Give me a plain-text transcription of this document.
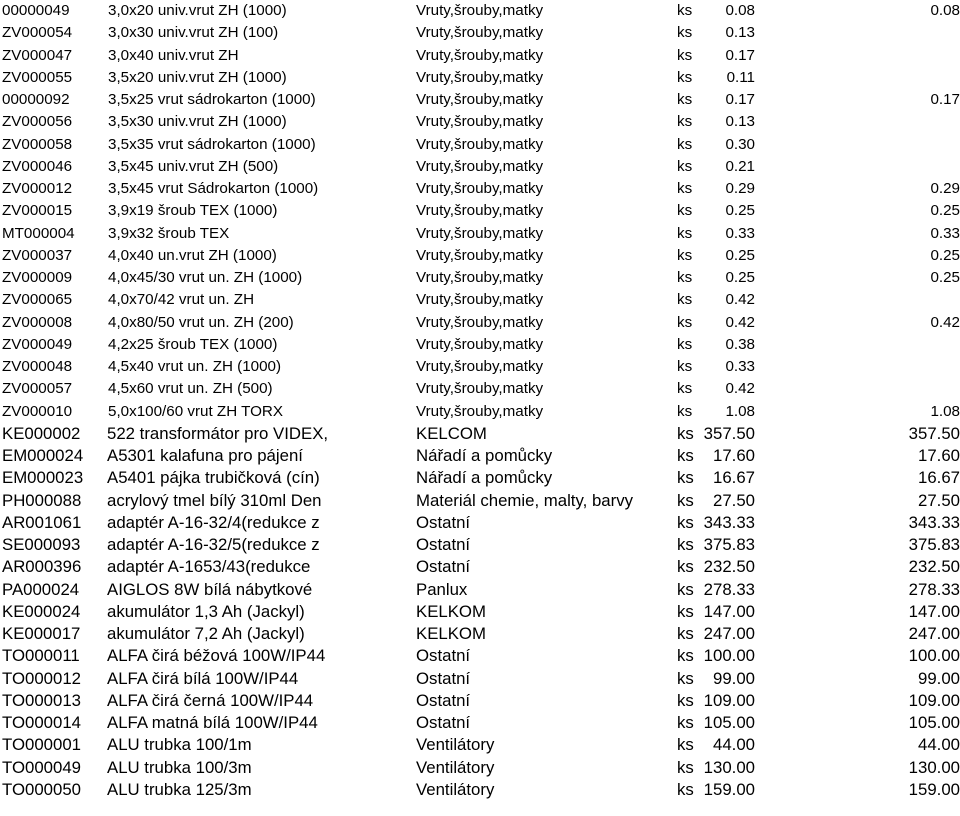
00000049	3,0x20 univ.vrut ZH (1000)	Vruty,šrouby,matky	ks 0.08	0.08
ZV000054 3,0x30 univ.vrut ZH (100)	Vruty,šrouby,matky	ks 0.13
ZV000047 3,0x40 univ.vrut ZH	Vruty,šrouby,matky	ks 0.17
ZV000055 3,5x20 univ.vrut ZH (1000)	Vruty,šrouby,matky	ks 0.11
00000092	3,5x25 vrut sádrokarton (1000)	Vruty,šrouby,matky	ks 0.17	0.17
ZV000056 3,5x30 univ.vrut ZH (1000)	Vruty,šrouby,matky	ks 0.13
ZV000058 3,5x35 vrut sádrokarton (1000)	Vruty,šrouby,matky	ks 0.30
ZV000046 3,5x45 univ.vrut ZH (500)	Vruty,šrouby,matky	ks 0.21
ZV000012 3,5x45 vrut Sádrokarton (1000)	Vruty,šrouby,matky	ks 0.29	0.29
ZV000015 3,9x19 šroub TEX (1000)	Vruty,šrouby,matky	ks 0.25	0.25
MT000004 3,9x32 šroub TEX	Vruty,šrouby,matky	ks 0.33	0.33
ZV000037 4,0x40 un.vrut ZH (1000)	Vruty,šrouby,matky	ks 0.25	0.25
ZV000009 4,0x45/30 vrut un. ZH (1000)	Vruty,šrouby,matky	ks 0.25	0.25
ZV000065 4,0x70/42 vrut un. ZH	Vruty,šrouby,matky	ks 0.42
ZV000008 4,0x80/50 vrut un. ZH (200)	Vruty,šrouby,matky	ks 0.42	0.42
ZV000049 4,2x25 šroub TEX (1000)	Vruty,šrouby,matky	ks 0.38
ZV000048 4,5x40 vrut un. ZH (1000)	Vruty,šrouby,matky	ks 0.33
ZV000057 4,5x60 vrut un. ZH (500)	Vruty,šrouby,matky	ks 0.42
ZV000010 5,0x100/60 vrut ZH TORX	Vruty,šrouby,matky	ks 1.08	1.08
KE000002 522 transformátor pro VIDEX,	KELCOM	ks 357.50	357.50
EM000024 A5301 kalafuna pro pájení	Nářadí a pomůcky	ks 17.60	17.60
EM000023 A5401 pájka trubičková (cín)	Nářadí a pomůcky	ks 16.67	16.67
PH000088 acrylový tmel bílý 310ml Den	Materiál chemie, malty, barvy	ks 27.50	27.50
AR001061 adaptér A-16-32/4(redukce z	Ostatní	ks 343.33	343.33
SE000093 adaptér A-16-32/5(redukce z	Ostatní	ks 375.83	375.83
AR000396 adaptér A-1653/43(redukce	Ostatní	ks 232.50	232.50
PA000024 AIGLOS 8W bílá nábytkové	Panlux	ks 278.33	278.33
KE000024 akumulátor 1,3 Ah (Jackyl)	KELKOM	ks 147.00	147.00
KE000017 akumulátor 7,2 Ah (Jackyl)	KELKOM	ks 247.00	247.00
TO000011 ALFA čirá béžová 100W/IP44	Ostatní	ks 100.00	100.00
TO000012 ALFA čirá bílá 100W/IP44	Ostatní	ks 99.00	99.00
TO000013 ALFA čirá černá 100W/IP44	Ostatní	ks 109.00	109.00
TO000014 ALFA matná bílá 100W/IP44	Ostatní	ks 105.00	105.00
TO000001 ALU trubka 100/1m	Ventilátory	ks 44.00	44.00
TO000049 ALU trubka 100/3m	Ventilátory	ks 130.00	130.00
TO000050 ALU trubka 125/3m	Ventilátory	ks 159.00	159.00
